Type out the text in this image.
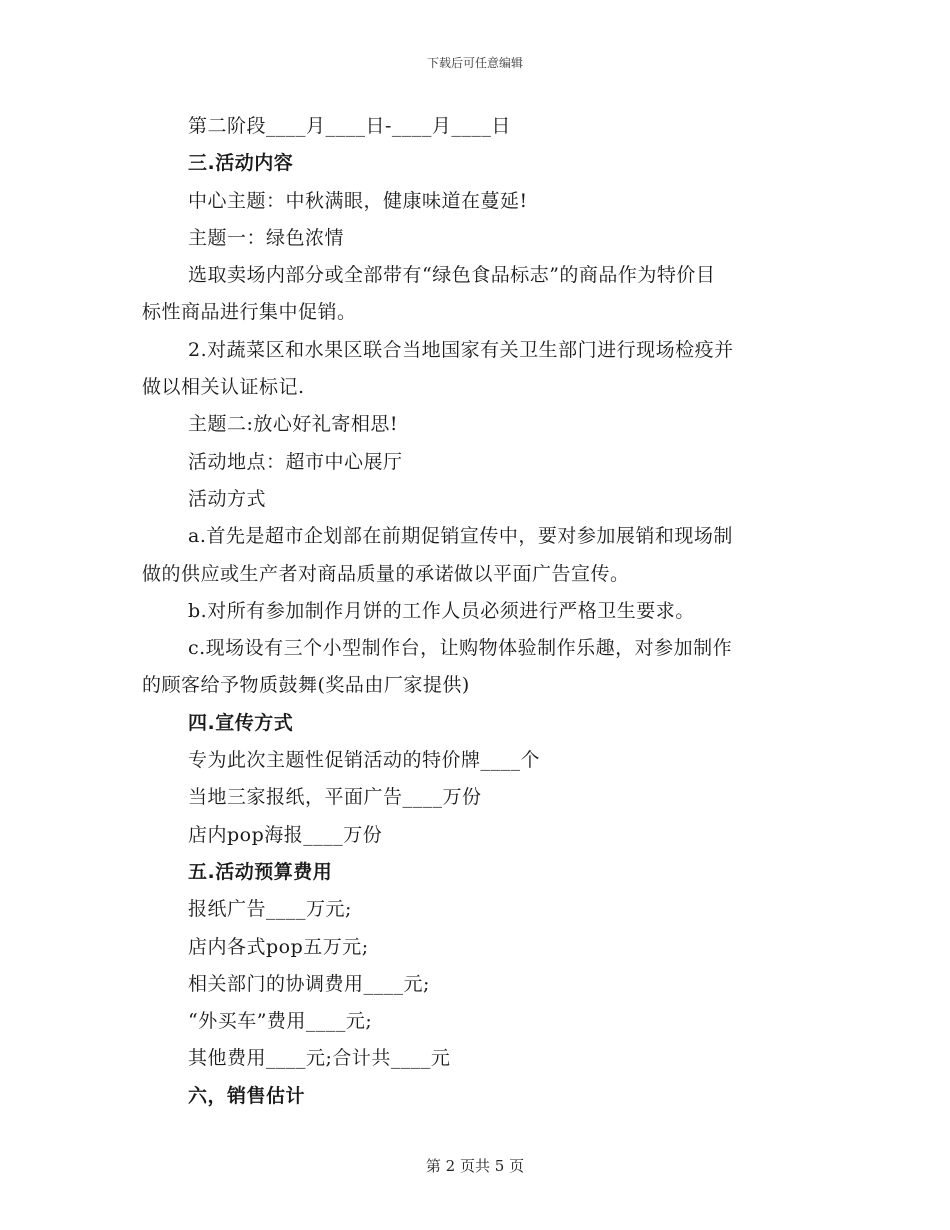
下载后可任意编辑
第二阶段____月____日-____月____日
三.活动内容
中心主题：中秋满眼，健康味道在蔓延!
主题一：绿色浓情
选取卖场内部分或全部带有“绿色食品标志”的商品作为特价目
标性商品进行集中促销。
2.对蔬菜区和水果区联合当地国家有关卫生部门进行现场检疫并
做以相关认证标记.
主题二:放心好礼寄相思!
活动地点：超市中心展厅
活动方式
a.首先是超市企划部在前期促销宣传中，要对参加展销和现场制
做的供应或生产者对商品质量的承诺做以平面广告宣传。
b.对所有参加制作月饼的工作人员必须进行严格卫生要求。
c.现场设有三个小型制作台，让购物体验制作乐趣，对参加制作
的顾客给予物质鼓舞(奖品由厂家提供)
四.宣传方式
专为此次主题性促销活动的特价牌____个
当地三家报纸，平面广告____万份
店内pop海报____万份
五.活动预算费用
报纸广告____万元;
店内各式pop五万元;
相关部门的协调费用____元;
“外买车”费用____元;
其他费用____元;合计共____元
六，销售估计
第 2 页共 5 页
